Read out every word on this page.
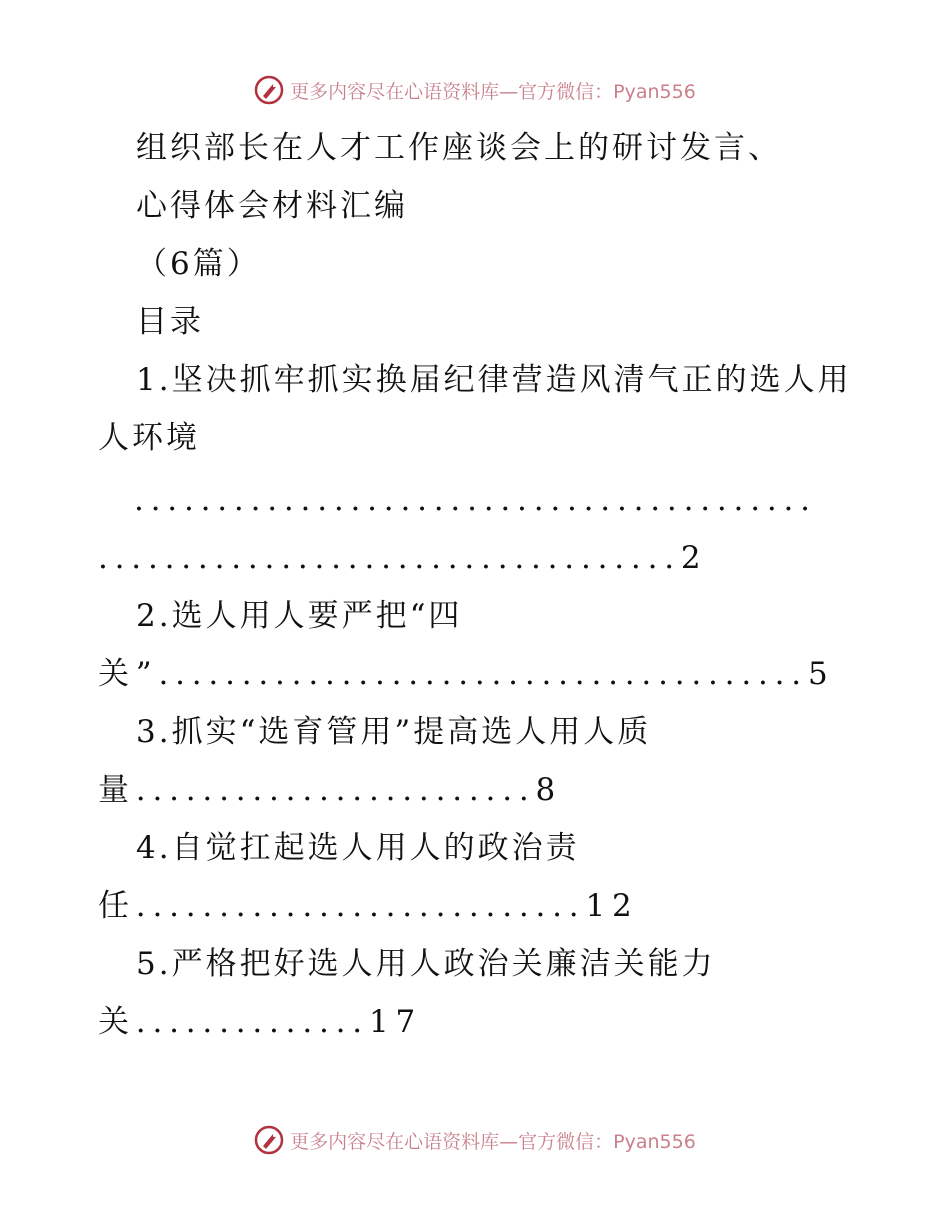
更多内容尽在心语资料库—官方微信：Pyan556
组织部长在人才工作座谈会上的研讨发言、
心得体会材料汇编
（6篇）
目录
1.坚决抓牢抓实换届纪律营造风清气正的选人用
人环境
.........................................
...................................2
2.选人用人要严把“四
关”.......................................5
3.抓实“选育管用”提高选人用人质
量........................8
4.自觉扛起选人用人的政治责
任...........................12
5.严格把好选人用人政治关廉洁关能力
关..............17
更多内容尽在心语资料库—官方微信：Pyan556
